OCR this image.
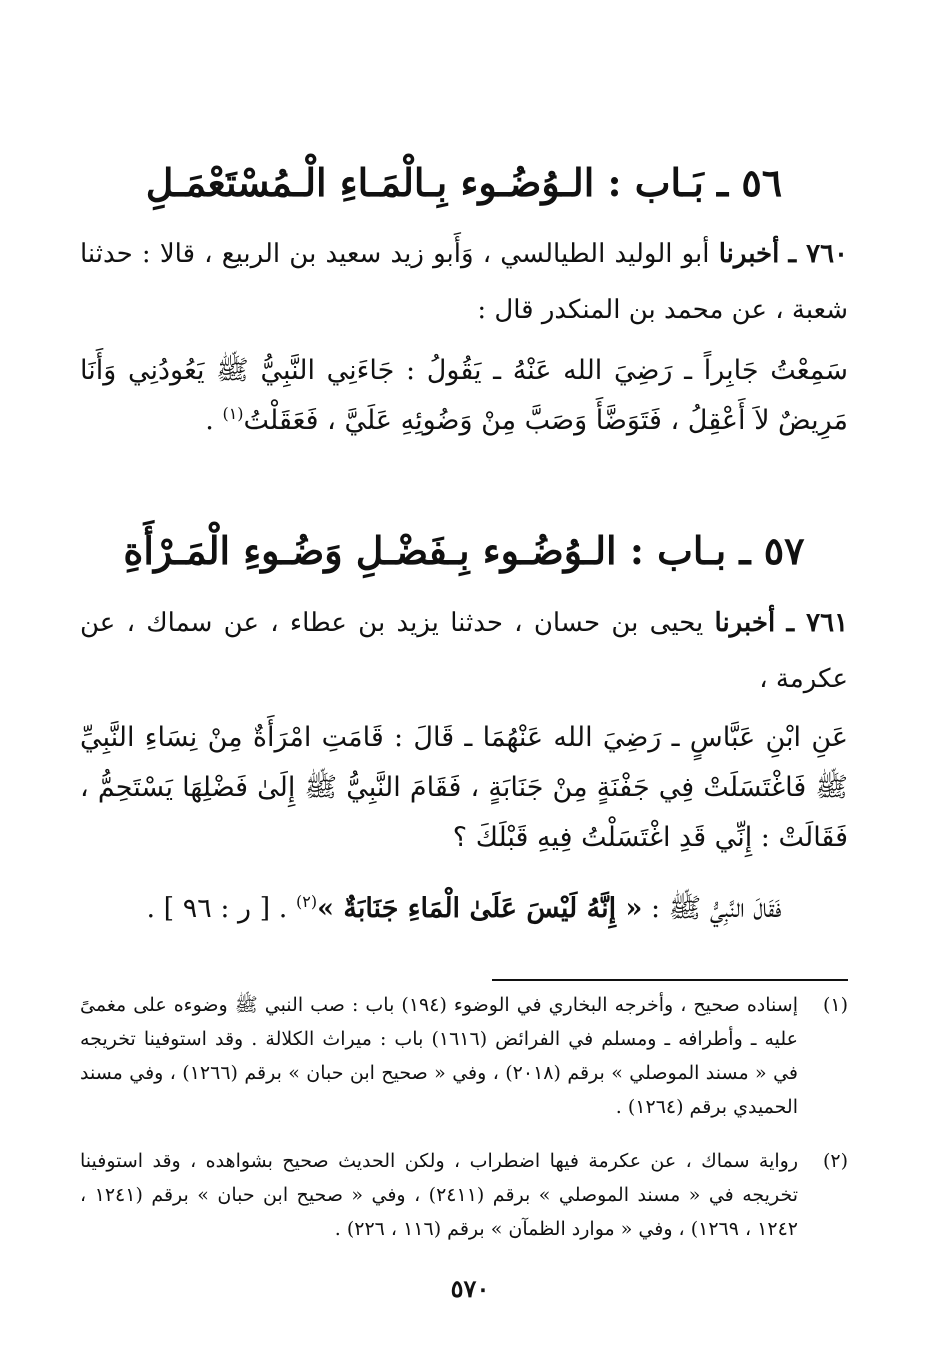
٥٦ ـ بَـاب : الـوُضُـوء بِـالْمَـاءِ الْـمُسْتَعْمَـلِ
٧٦٠ ـ أخبرنا أبو الوليد الطيالسي ، وَأَبو زيد سعيد بن الربيع ، قالا : حدثنا شعبة ، عن محمد بن المنكدر قال :
سَمِعْتُ جَابِراً ـ رَضِيَ الله عَنْهُ ـ يَقُولُ : جَاءَنِي النَّبِيُّ ﷺ يَعُودُنِي وَأَنَا مَرِيضٌ لاَ أَعْقِلُ ، فَتَوَضَّأَ وَصَبَّ مِنْ وَضُوئِهِ عَلَيَّ ، فَعَقَلْتُ$^{(١)}$ .
٥٧ ـ بـاب : الـوُضُـوء بِـفَضْـلِ وَضُـوءِ الْمَـرْأَةِ
٧٦١ ـ أخبرنا يحيى بن حسان ، حدثنا يزيد بن عطاء ، عن سماك ، عن عكرمة ،
عَنِ ابْنِ عَبَّاسٍ ـ رَضِيَ الله عَنْهُمَا ـ قَالَ : قَامَتِ امْرَأَةٌ مِنْ نِسَاءِ النَّبِيِّ ﷺ فَاغْتَسَلَتْ فِي جَفْنَةٍ مِنْ جَنَابَةٍ ، فَقَامَ النَّبِيُّ ﷺ إِلَىٰ فَضْلِهَا يَسْتَحِمُّ ، فَقَالَتْ : إِنِّي قَدِ اغْتَسَلْتُ فِيهِ قَبْلَكَ ؟
فَقَالَ النَّبِيُّ ﷺ : « إِنَّهُ لَيْسَ عَلَىٰ الْمَاءِ جَنَابَةٌ »$^{(٢)}$ . [ ر : ٩٦ ] .
(١)
إسناده صحيح ، وأخرجه البخاري في الوضوء (١٩٤) باب : صب النبي ﷺ وضوءه على مغمىً عليه ـ وأطرافه ـ ومسلم في الفرائض (١٦١٦) باب : ميراث الكلالة . وقد استوفينا تخريجه في « مسند الموصلي » برقم (٢٠١٨) ، وفي « صحيح ابن حبان » برقم (١٢٦٦) ، وفي مسند الحميدي برقم (١٢٦٤) .
(٢)
رواية سماك ، عن عكرمة فيها اضطراب ، ولكن الحديث صحيح بشواهده ، وقد استوفينا تخريجه في « مسند الموصلي » برقم (٢٤١١) ، وفي « صحيح ابن حبان » برقم (١٢٤١ ، ١٢٤٢ ، ١٢٦٩) ، وفي « موارد الظمآن » برقم (١١٦ ، ٢٢٦) .
٥٧٠
